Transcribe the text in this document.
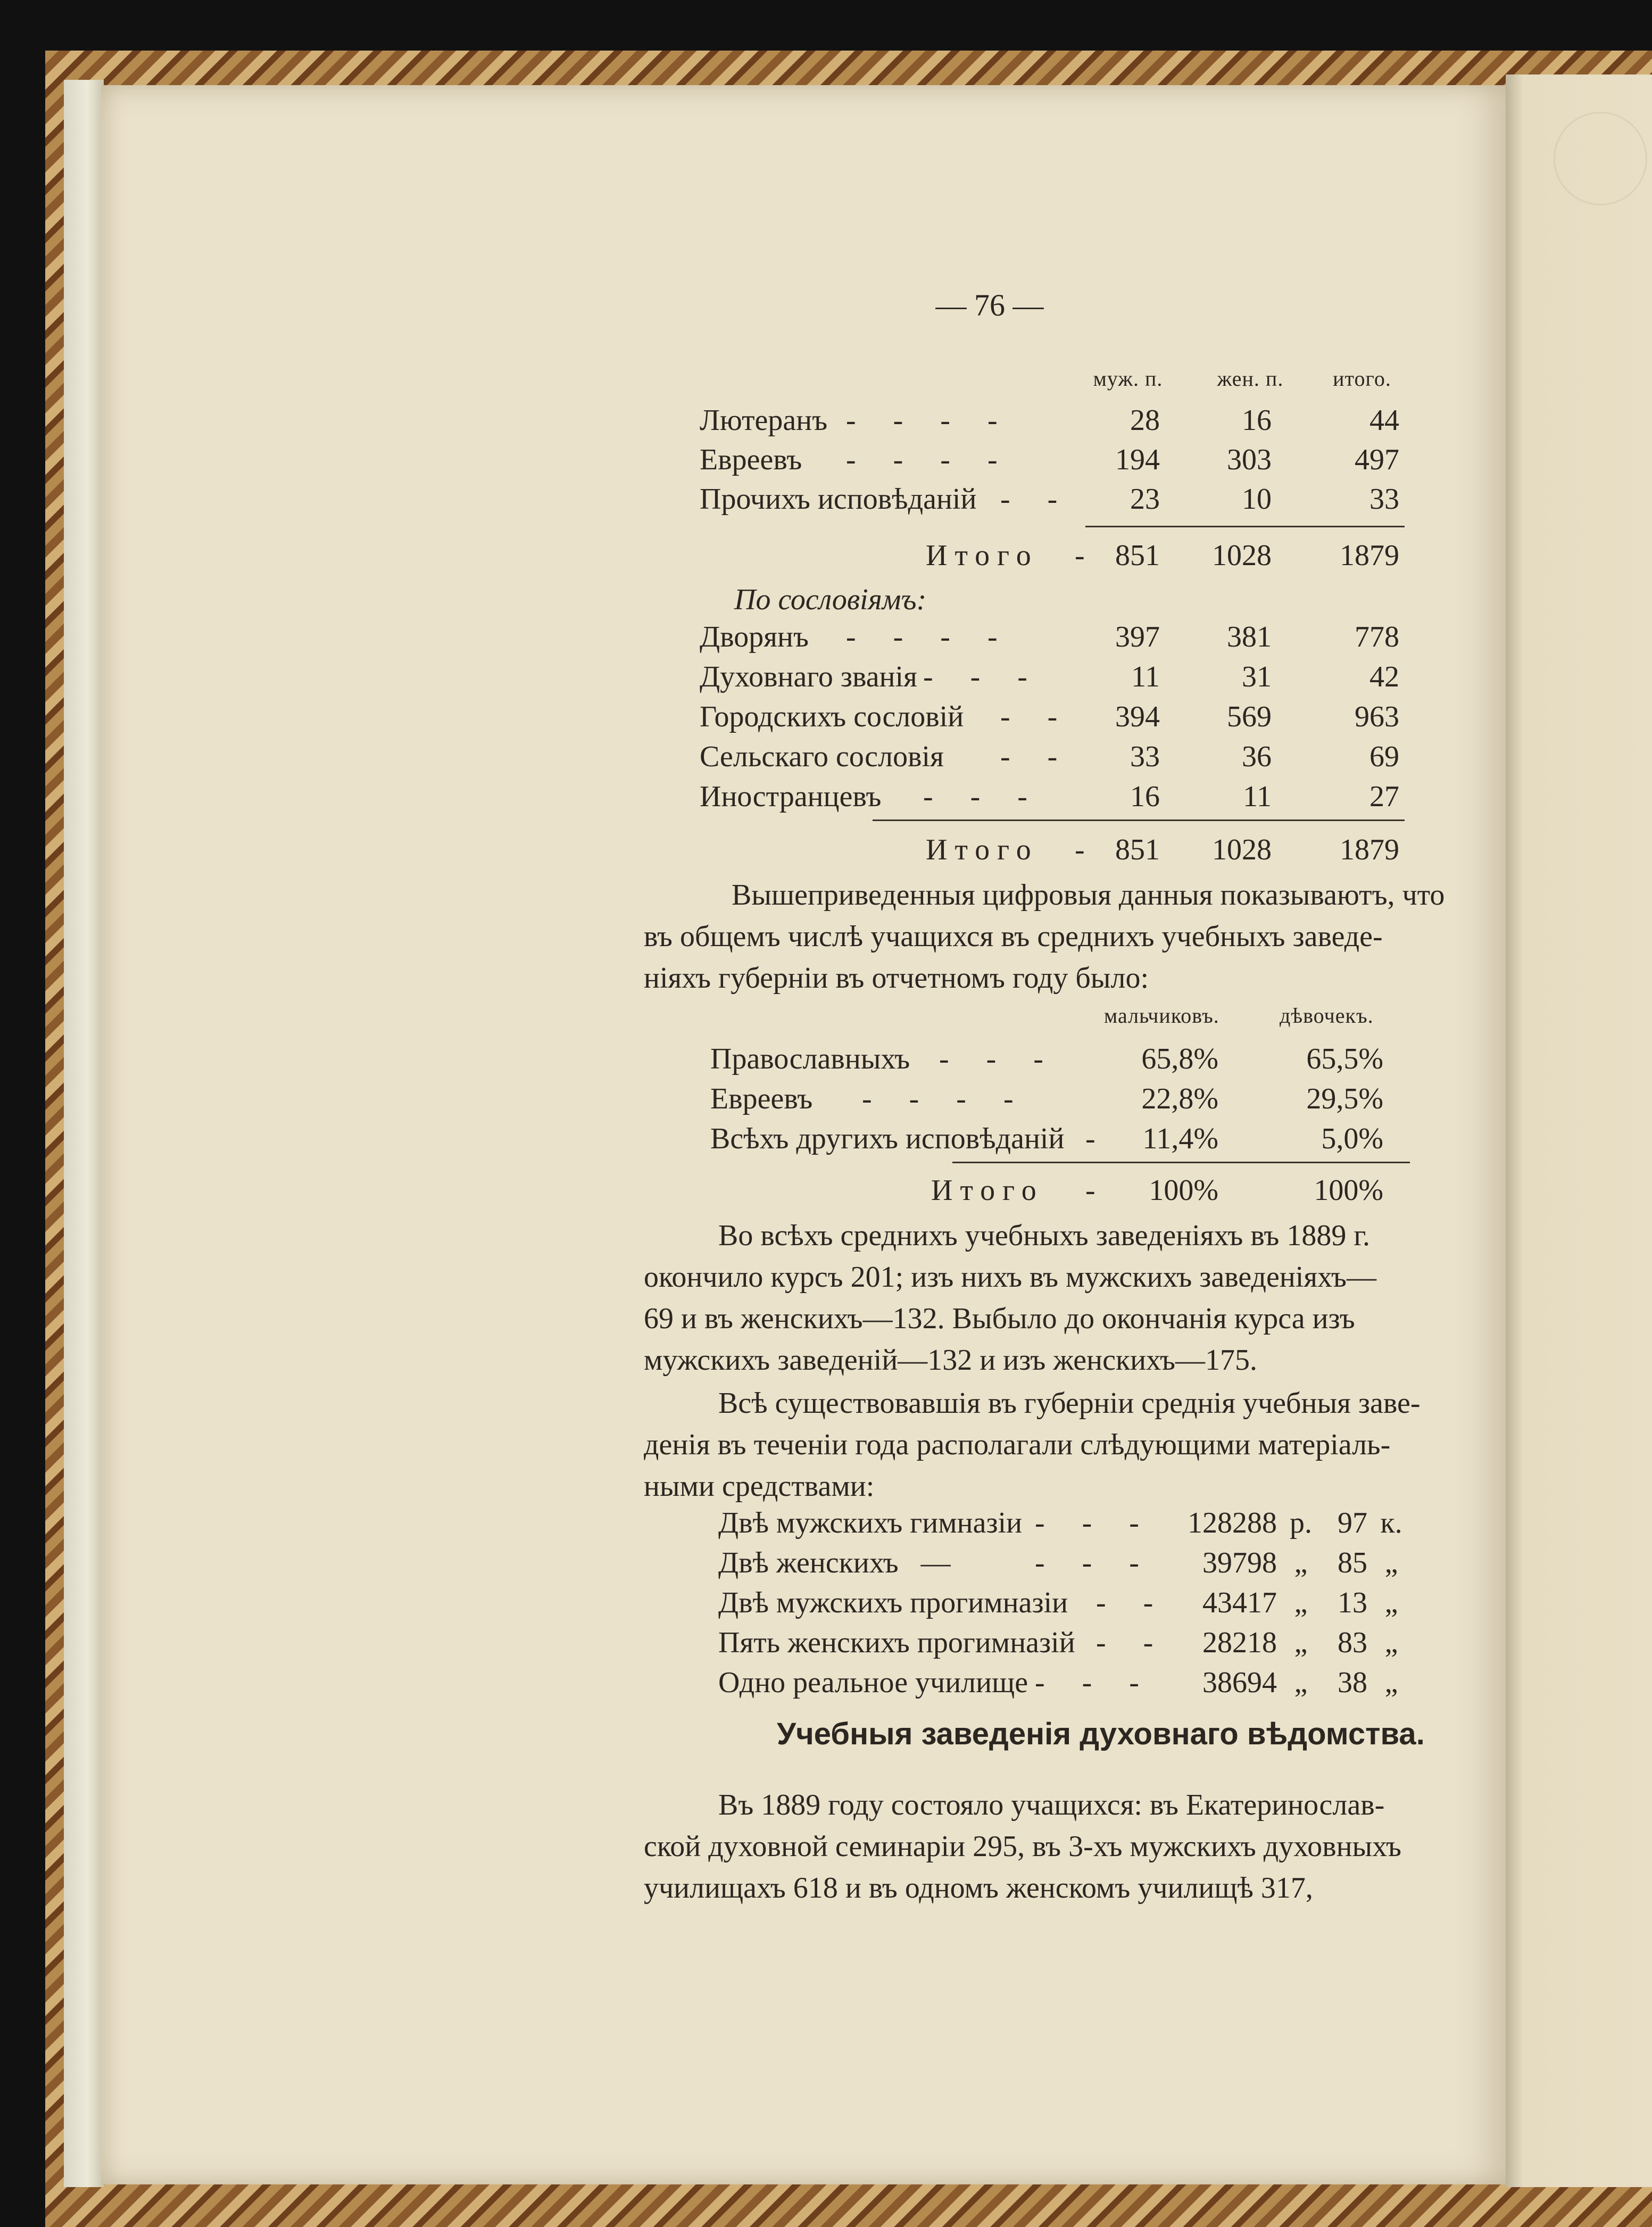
— 76 —
муж. п.	жен. п.	итого.
Лютеранъ -     -     -     -	28	16	44
Евреевъ -     -     -     -	194	303	497
Прочихъ исповѣданій -     -	23	10	33
Итого -	851	1028	1879
По сословіямъ:
Дворянъ -     -     -     -	397	381	778
Духовнаго званія -     -     -	11	31	42
Городскихъ сословій -     -	394	569	963
Сельскаго сословія -     -	33	36	69
Иностранцевъ -     -     -	16	11	27
Итого -	851	1028	1879
Вышеприведенныя цифровыя данныя показываютъ, что
въ общемъ числѣ учащихся въ среднихъ учебныхъ заведе-
ніяхъ губерніи въ отчетномъ году было:
мальчиковъ.	дѣвочекъ.
Православныхъ -     -     -	65,8%	65,5%
Евреевъ -     -     -     -	22,8%	29,5%
Всѣхъ другихъ исповѣданій -	11,4%	5,0%
Итого -	100%	100%
Во всѣхъ среднихъ учебныхъ заведеніяхъ въ 1889 г.
окончило курсъ 201; изъ нихъ въ мужскихъ заведеніяхъ—
69 и въ женскихъ—132. Выбыло до окончанія курса изъ
мужскихъ заведеній—132 и изъ женскихъ—175.
Всѣ существовавшія въ губерніи среднія учебныя заве-
денія въ теченіи года располагали слѣдующими матеріаль-
ными средствами:
Двѣ мужскихъ гимназіи -     -     -	128288 р. 97 к.
Двѣ женскихъ   —	-     -     -	39798 „	85 „
Двѣ мужскихъ прогимназіи -     -	43417 „	13 „
Пять женскихъ прогимназій -     -	28218 „	83 „
Одно реальное училище -     -     -	38694 „	38 „
Учебныя заведенія духовнаго вѣдомства.
Въ 1889 году состояло учащихся: въ Екатеринослав-
ской духовной семинаріи 295, въ 3-хъ мужскихъ духовныхъ
училищахъ 618 и въ одномъ женскомъ училищѣ 317,
